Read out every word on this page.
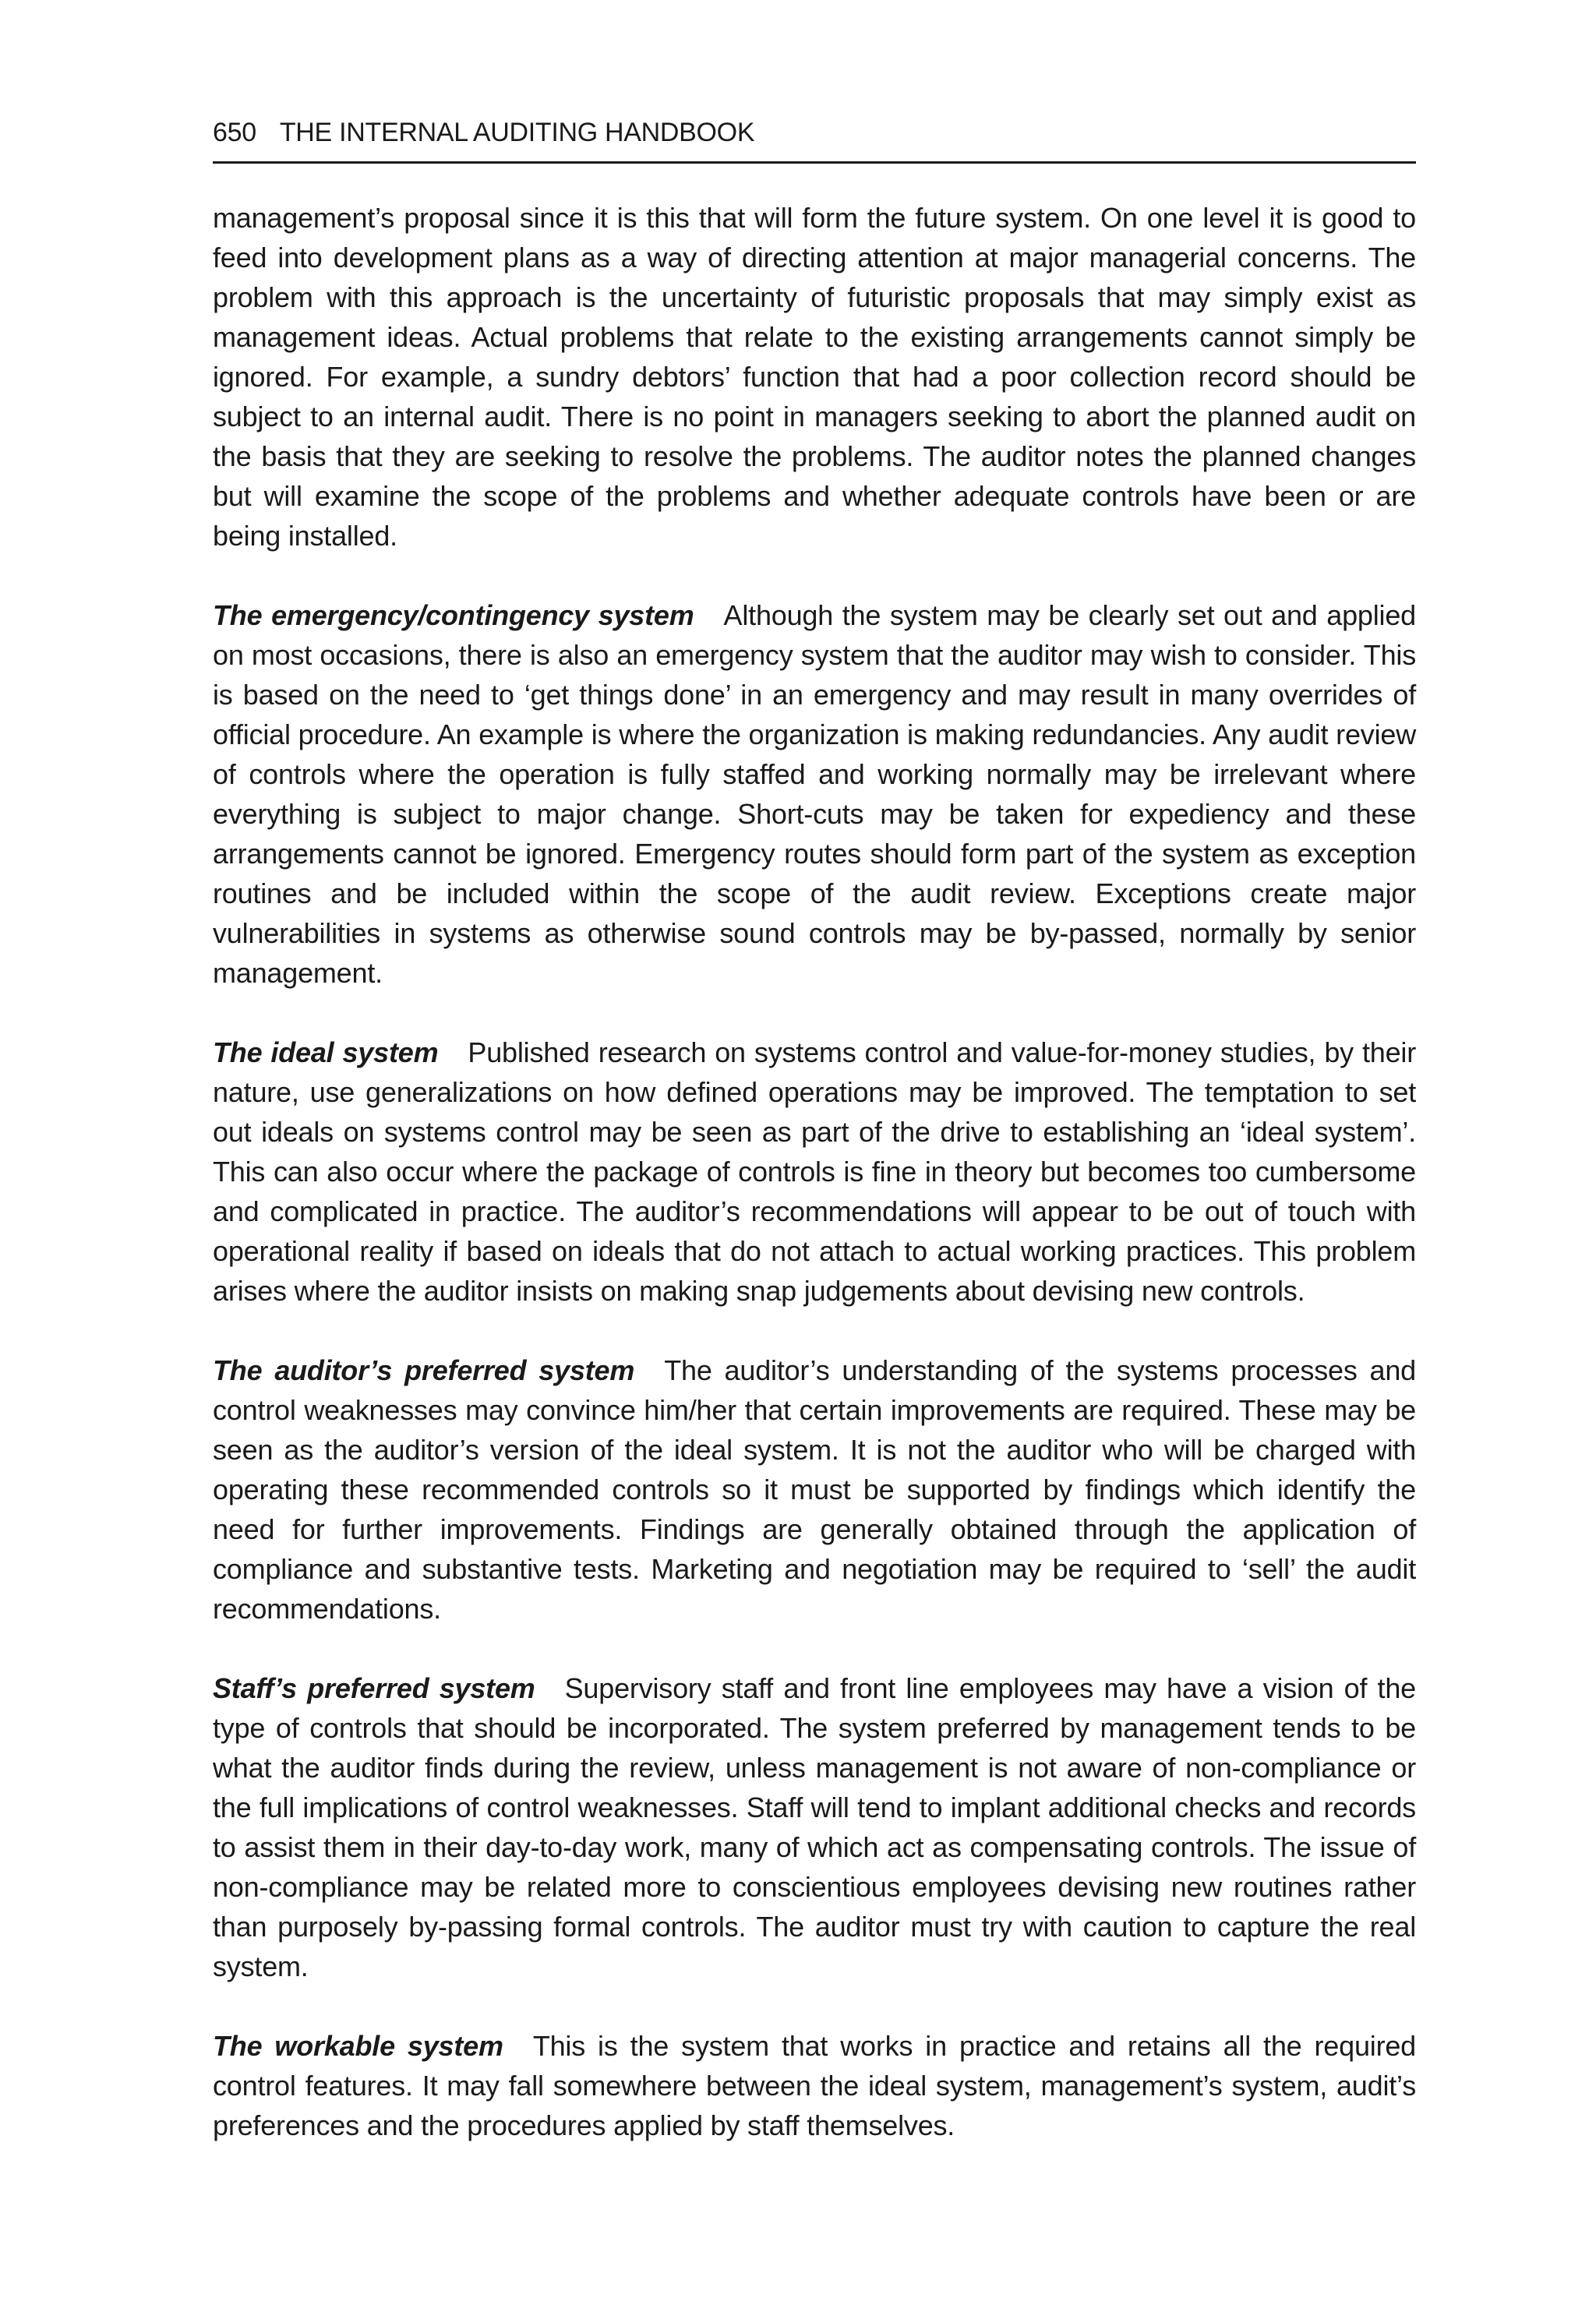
650 THE INTERNAL AUDITING HANDBOOK

management’s proposal since it is this that will form the future system. On one level it is good to feed into development plans as a way of directing attention at major managerial concerns. The problem with this approach is the uncertainty of futuristic proposals that may simply exist as management ideas. Actual problems that relate to the existing arrangements cannot simply be ignored. For example, a sundry debtors’ function that had a poor collection record should be subject to an internal audit. There is no point in managers seeking to abort the planned audit on the basis that they are seeking to resolve the problems. The auditor notes the planned changes but will examine the scope of the problems and whether adequate controls have been or are being installed.

The emergency/contingency system Although the system may be clearly set out and applied on most occasions, there is also an emergency system that the auditor may wish to consider. This is based on the need to ‘get things done’ in an emergency and may result in many overrides of official procedure. An example is where the organization is making redundancies. Any audit review of controls where the operation is fully staffed and working normally may be irrelevant where everything is subject to major change. Short-cuts may be taken for expediency and these arrangements cannot be ignored. Emergency routes should form part of the system as exception routines and be included within the scope of the audit review. Exceptions create major vulnerabilities in systems as otherwise sound controls may be by-passed, normally by senior management.

The ideal system Published research on systems control and value-for-money studies, by their nature, use generalizations on how defined operations may be improved. The temptation to set out ideals on systems control may be seen as part of the drive to establishing an ‘ideal system’. This can also occur where the package of controls is fine in theory but becomes too cumbersome and complicated in practice. The auditor’s recommendations will appear to be out of touch with operational reality if based on ideals that do not attach to actual working practices. This problem arises where the auditor insists on making snap judgements about devising new controls.

The auditor’s preferred system The auditor’s understanding of the systems processes and control weaknesses may convince him/her that certain improvements are required. These may be seen as the auditor’s version of the ideal system. It is not the auditor who will be charged with operating these recommended controls so it must be supported by findings which identify the need for further improvements. Findings are generally obtained through the application of compliance and substantive tests. Marketing and negotiation may be required to ‘sell’ the audit recommendations.

Staff’s preferred system Supervisory staff and front line employees may have a vision of the type of controls that should be incorporated. The system preferred by management tends to be what the auditor finds during the review, unless management is not aware of non-compliance or the full implications of control weaknesses. Staff will tend to implant additional checks and records to assist them in their day-to-day work, many of which act as compensating controls. The issue of non-compliance may be related more to conscientious employees devising new routines rather than purposely by-passing formal controls. The auditor must try with caution to capture the real system.

The workable system This is the system that works in practice and retains all the required control features. It may fall somewhere between the ideal system, management’s system, audit’s preferences and the procedures applied by staff themselves.
